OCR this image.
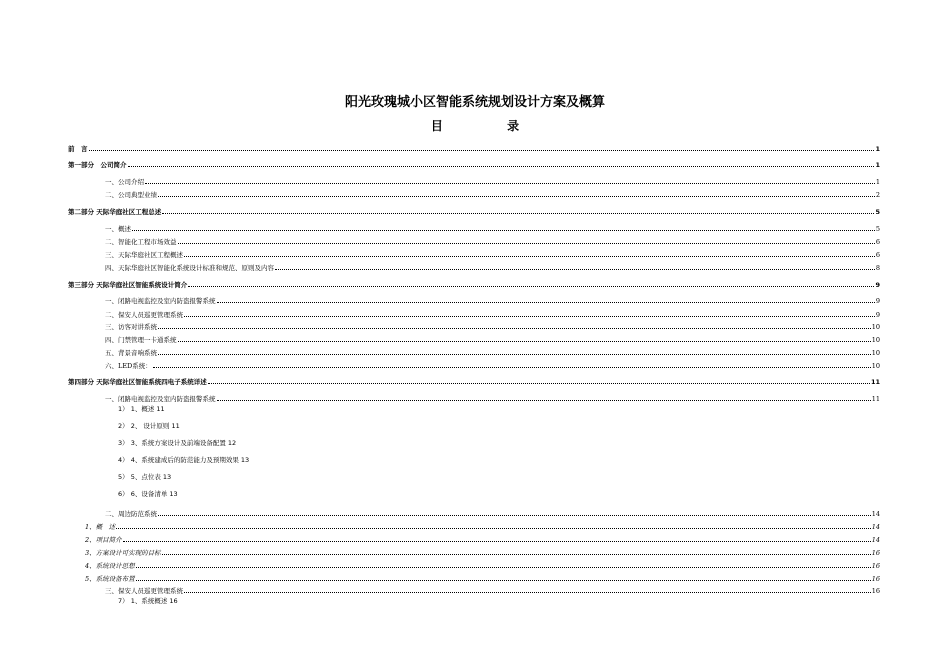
阳光玫瑰城小区智能系统规划设计方案及概算
目 录
前　言	1
第一部分　公司简介	1
一、公司介绍	1
二、公司典型业绩	2
第二部分 天际华庭社区工程总述	5
一、概述	5
二、智能化工程市场效益	6
三、天际华庭社区工程概述	6
四、天际华庭社区智能化系统设计标准和规范、原则及内容	8
第三部分 天际华庭社区智能系统设计简介	9
一、闭路电视监控及室内防盗报警系统	9
二、保安人员巡更管理系统	9
三、访客对讲系统	10
四、门禁管理一卡通系统	10
五、背景音响系统	10
六、LED系统：	10
第四部分 天际华庭社区智能系统四电子系统详述	11
一、闭路电视监控及室内防盗报警系统	11
1） 1、概述 11
2） 2、 设计原则 11
3） 3、系统方案设计及前端设备配置 12
4） 4、系统建成后的防范能力及预期效果 13
5） 5、点位表 13
6） 6、设备清单 13
二、周边防范系统	14
1、概　述	14
2、项目简介	14
3、方案设计可实现的目标	16
4、系统设计思想	16
5、系统设备布置	16
三、保安人员巡更管理系统	16
7） 1、系统概述 16
